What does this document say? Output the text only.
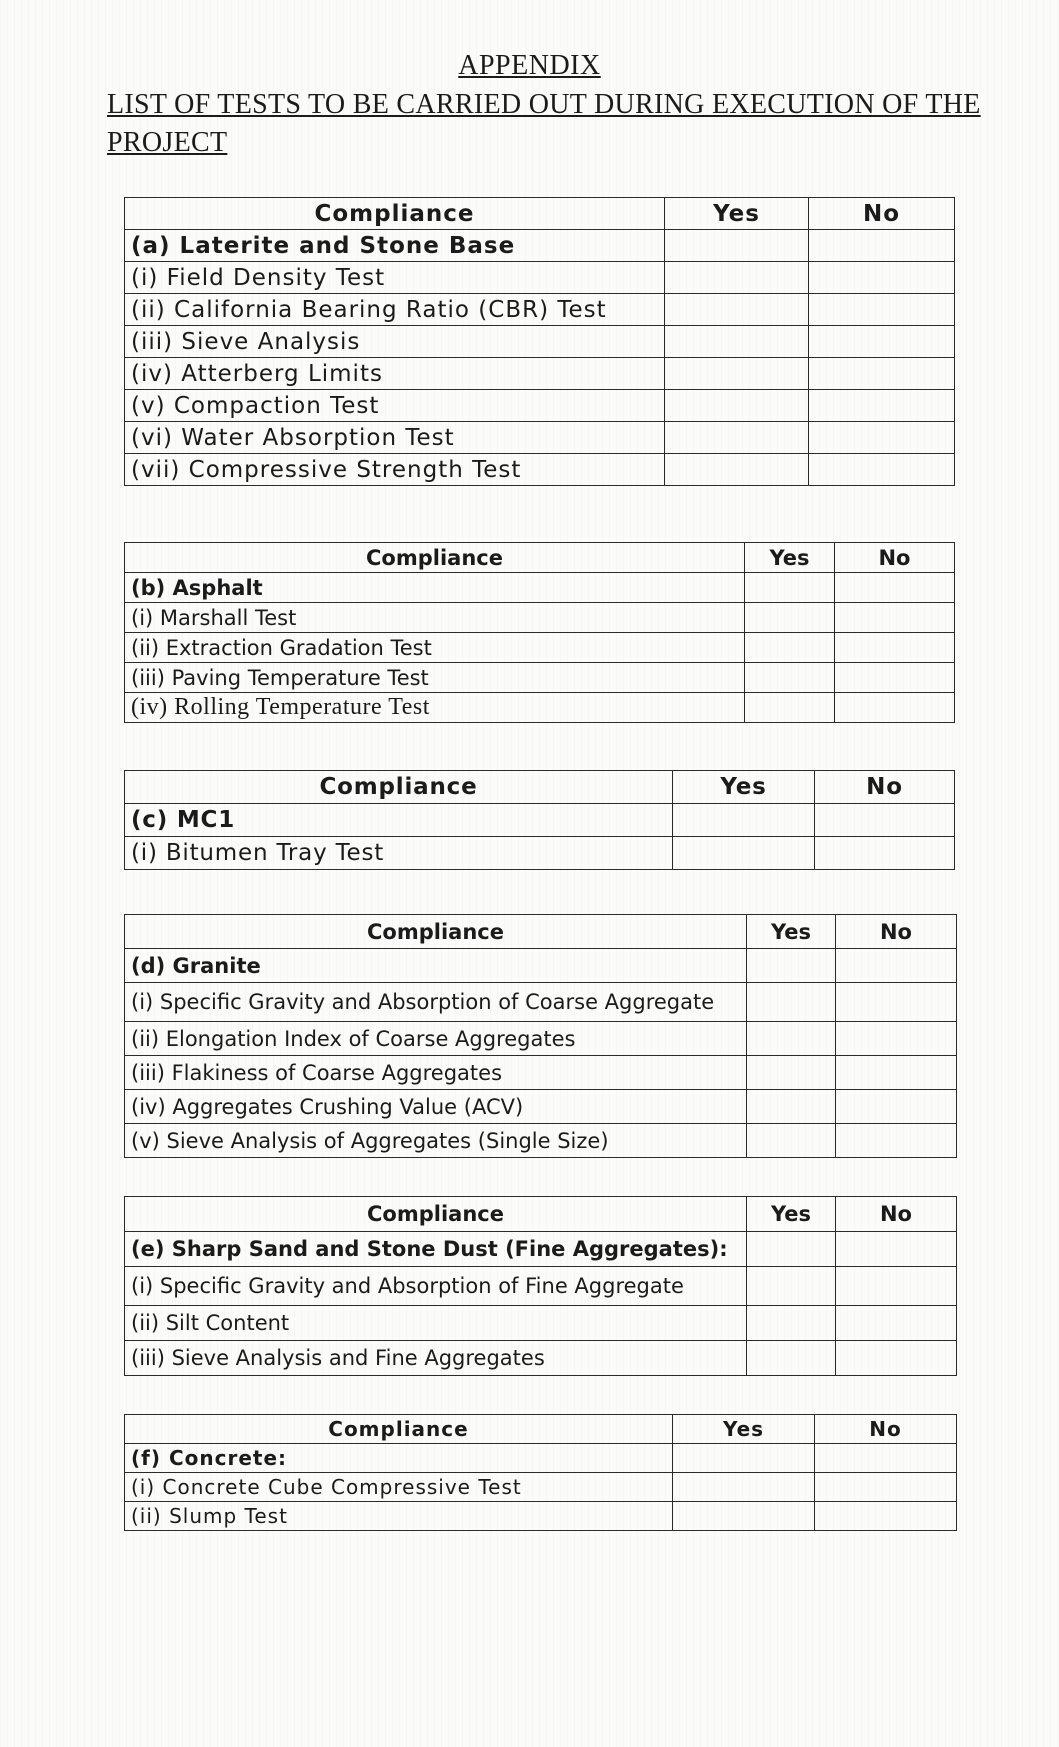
APPENDIX
LIST OF TESTS TO BE CARRIED OUT DURING EXECUTION OF THE PROJECT
Compliance	Yes	No
(a) Laterite and Stone Base		
(i) Field Density Test		
(ii) California Bearing Ratio (CBR) Test		
(iii) Sieve Analysis		
(iv) Atterberg Limits		
(v) Compaction Test		
(vi) Water Absorption Test		
(vii) Compressive Strength Test		
Compliance	Yes	No
(b) Asphalt		
(i) Marshall Test		
(ii) Extraction Gradation Test		
(iii) Paving Temperature Test		
(iv) Rolling Temperature Test		
Compliance	Yes	No
(c) MC1		
(i) Bitumen Tray Test		
Compliance	Yes	No
(d) Granite		
(i) Specific Gravity and Absorption of Coarse Aggregate		
(ii) Elongation Index of Coarse Aggregates		
(iii) Flakiness of Coarse Aggregates		
(iv) Aggregates Crushing Value (ACV)		
(v) Sieve Analysis of Aggregates (Single Size)		
Compliance	Yes	No
(e) Sharp Sand and Stone Dust (Fine Aggregates):		
(i) Specific Gravity and Absorption of Fine Aggregate		
(ii) Silt Content		
(iii) Sieve Analysis and Fine Aggregates		
Compliance	Yes	No
(f) Concrete:		
(i) Concrete Cube Compressive Test		
(ii) Slump Test		
